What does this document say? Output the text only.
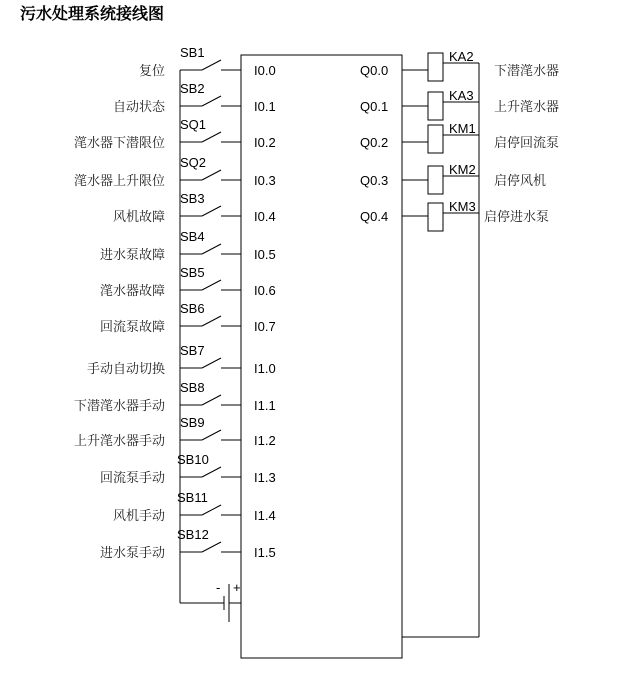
污水处理系统接线图
- +
SB1
复位	I0.0
SB2
自动状态	I0.1
SQ1
滗水器下潜限位	I0.2
SQ2
滗水器上升限位	I0.3
SB3
风机故障	I0.4
SB4
进水泵故障	I0.5
SB5
滗水器故障	I0.6
SB6
回流泵故障	I0.7
SB7
手动自动切换	I1.0
SB8
下潜滗水器手动	I1.1
SB9
上升滗水器手动	I1.2
SB10
回流泵手动	I1.3
SB11
风机手动	I1.4
SB12
进水泵手动	I1.5
Q0.0
KA2
下潜滗水器
Q0.1
KA3
上升滗水器
Q0.2
KM1
启停回流泵
Q0.3
KM2
启停风机
Q0.4
KM3
启停进水泵
